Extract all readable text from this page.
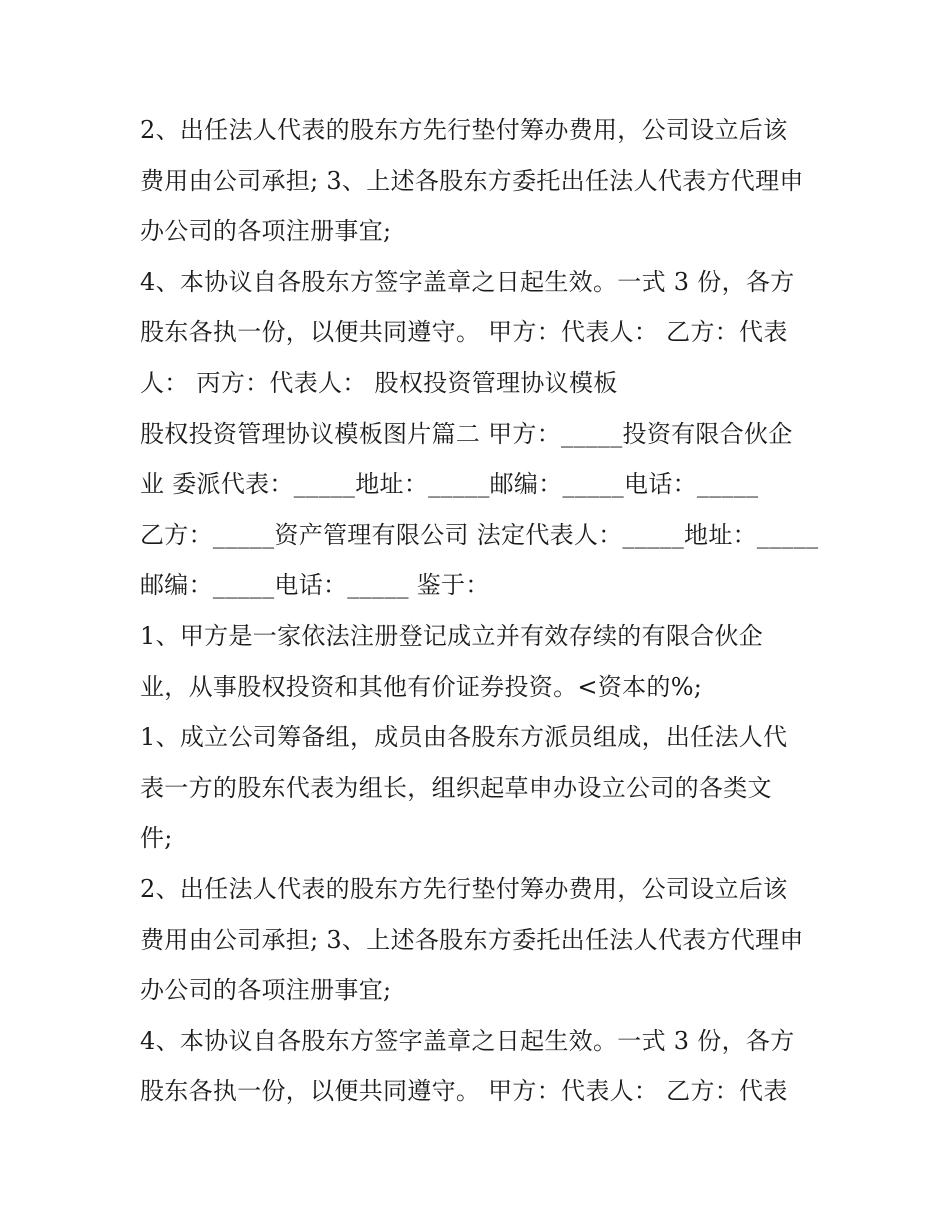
2、出任法人代表的股东方先行垫付筹办费用，公司设立后该
费用由公司承担; 3、上述各股东方委托出任法人代表方代理申
办公司的各项注册事宜;
4、本协议自各股东方签字盖章之日起生效。一式 3 份，各方
股东各执一份，以便共同遵守。 甲方：代表人： 乙方：代表
人： 丙方：代表人： 股权投资管理协议模板
股权投资管理协议模板图片篇二 甲方：_____投资有限合伙企
业 委派代表：_____地址：_____邮编：_____电话：_____
乙方：_____资产管理有限公司 法定代表人：_____地址：_____
邮编：_____电话：_____ 鉴于：
1、甲方是一家依法注册登记成立并有效存续的有限合伙企
业，从事股权投资和其他有价证券投资。<资本的%;
1、成立公司筹备组，成员由各股东方派员组成，出任法人代
表一方的股东代表为组长，组织起草申办设立公司的各类文
件;
2、出任法人代表的股东方先行垫付筹办费用，公司设立后该
费用由公司承担; 3、上述各股东方委托出任法人代表方代理申
办公司的各项注册事宜;
4、本协议自各股东方签字盖章之日起生效。一式 3 份，各方
股东各执一份，以便共同遵守。 甲方：代表人： 乙方：代表
